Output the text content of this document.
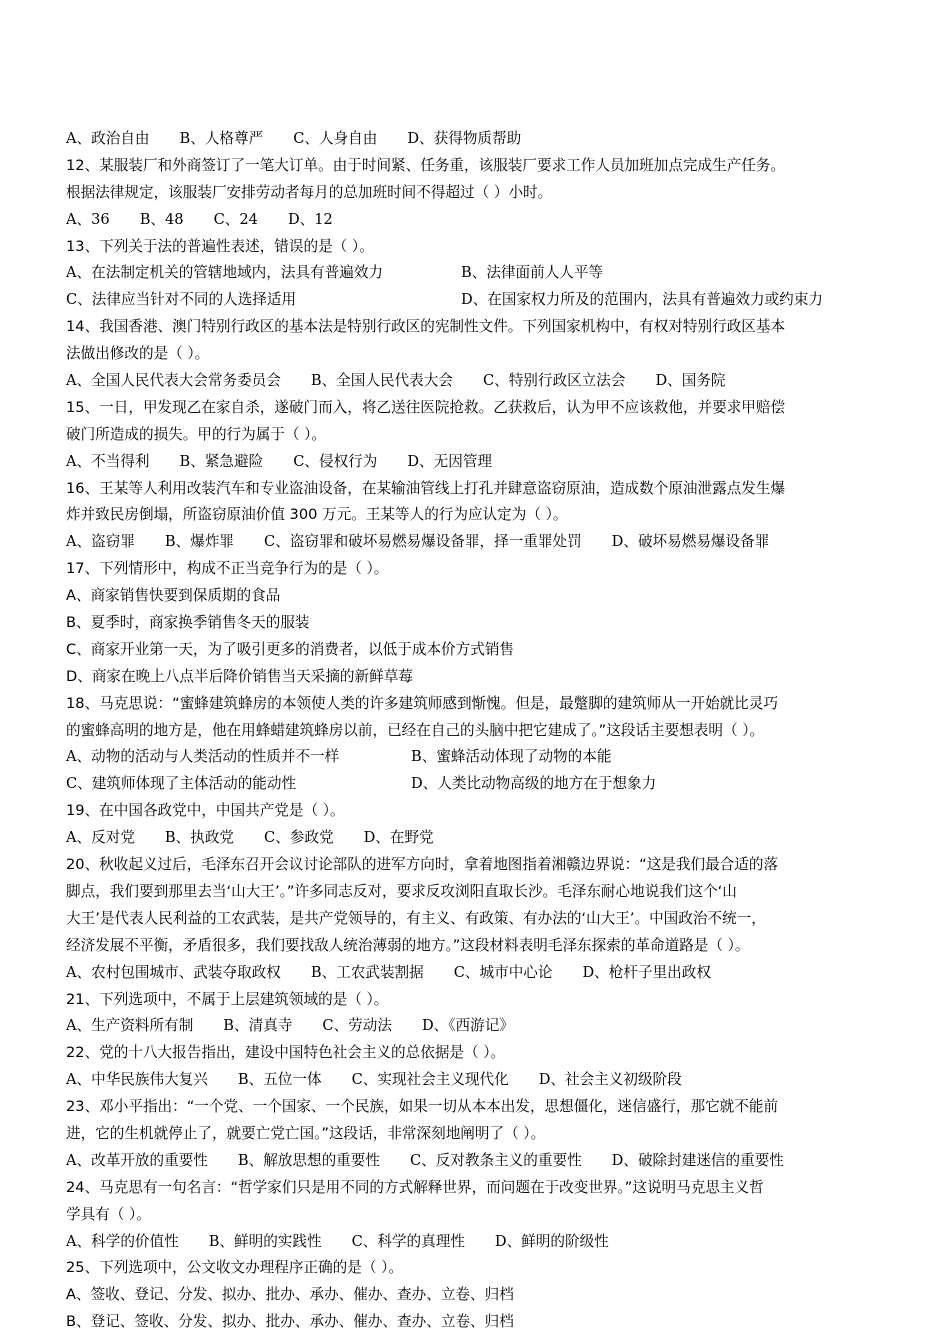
A、政治自由 B、人格尊严 C、人身自由 D、获得物质帮助
12、某服装厂和外商签订了一笔大订单。由于时间紧、任务重，该服装厂要求工作人员加班加点完成生产任务。
根据法律规定，该服装厂安排劳动者每月的总加班时间不得超过（ ）小时。
A、36 B、48 C、24 D、12
13、下列关于法的普遍性表述，错误的是（ ）。
A、在法制定机关的管辖地域内，法具有普遍效力	B、法律面前人人平等
C、法律应当针对不同的人选择适用	D、在国家权力所及的范围内，法具有普遍效力或约束力
14、我国香港、澳门特别行政区的基本法是特别行政区的宪制性文件。下列国家机构中，有权对特别行政区基本
法做出修改的是（ ）。
A、全国人民代表大会常务委员会 B、全国人民代表大会 C、特别行政区立法会 D、国务院
15、一日，甲发现乙在家自杀，遂破门而入，将乙送往医院抢救。乙获救后，认为甲不应该救他，并要求甲赔偿
破门所造成的损失。甲的行为属于（ ）。
A、不当得利 B、紧急避险 C、侵权行为 D、无因管理
16、王某等人利用改装汽车和专业盗油设备，在某输油管线上打孔并肆意盗窃原油，造成数个原油泄露点发生爆
炸并致民房倒塌，所盗窃原油价值 300 万元。王某等人的行为应认定为（ ）。
A、盗窃罪 B、爆炸罪 C、盗窃罪和破坏易燃易爆设备罪，择一重罪处罚 D、破坏易燃易爆设备罪
17、下列情形中，构成不正当竞争行为的是（ ）。
A、商家销售快要到保质期的食品
B、夏季时，商家换季销售冬天的服装
C、商家开业第一天，为了吸引更多的消费者，以低于成本价方式销售
D、商家在晚上八点半后降价销售当天采摘的新鲜草莓
18、马克思说：“蜜蜂建筑蜂房的本领使人类的许多建筑师感到惭愧。但是，最蹩脚的建筑师从一开始就比灵巧
的蜜蜂高明的地方是，他在用蜂蜡建筑蜂房以前，已经在自己的头脑中把它建成了。”这段话主要想表明（ ）。
A、动物的活动与人类活动的性质并不一样	B、蜜蜂活动体现了动物的本能
C、建筑师体现了主体活动的能动性	D、人类比动物高级的地方在于想象力
19、在中国各政党中，中国共产党是（ ）。
A、反对党 B、执政党 C、参政党 D、在野党
20、秋收起义过后，毛泽东召开会议讨论部队的进军方向时，拿着地图指着湘赣边界说：“这是我们最合适的落
脚点，我们要到那里去当‘山大王’。”许多同志反对，要求反攻浏阳直取长沙。毛泽东耐心地说我们这个‘山
大王’是代表人民利益的工农武装，是共产党领导的，有主义、有政策、有办法的‘山大王’。中国政治不统一，
经济发展不平衡，矛盾很多，我们要找敌人统治薄弱的地方。”这段材料表明毛泽东探索的革命道路是（ ）。
A、农村包围城市、武装夺取政权 B、工农武装割据 C、城市中心论 D、枪杆子里出政权
21、下列选项中，不属于上层建筑领域的是（ ）。
A、生产资料所有制 B、清真寺 C、劳动法 D、《西游记》
22、党的十八大报告指出，建设中国特色社会主义的总依据是（ ）。
A、中华民族伟大复兴 B、五位一体 C、实现社会主义现代化 D、社会主义初级阶段
23、邓小平指出：“一个党、一个国家、一个民族，如果一切从本本出发，思想僵化，迷信盛行，那它就不能前
进，它的生机就停止了，就要亡党亡国。”这段话，非常深刻地阐明了（ ）。
A、改革开放的重要性 B、解放思想的重要性 C、反对教条主义的重要性 D、破除封建迷信的重要性
24、马克思有一句名言：“哲学家们只是用不同的方式解释世界，而问题在于改变世界。”这说明马克思主义哲
学具有（ ）。
A、科学的价值性 B、鲜明的实践性 C、科学的真理性 D、鲜明的阶级性
25、下列选项中，公文收文办理程序正确的是（ ）。
A、签收、登记、分发、拟办、批办、承办、催办、查办、立卷、归档
B、登记、签收、分发、拟办、批办、承办、催办、查办、立卷、归档
